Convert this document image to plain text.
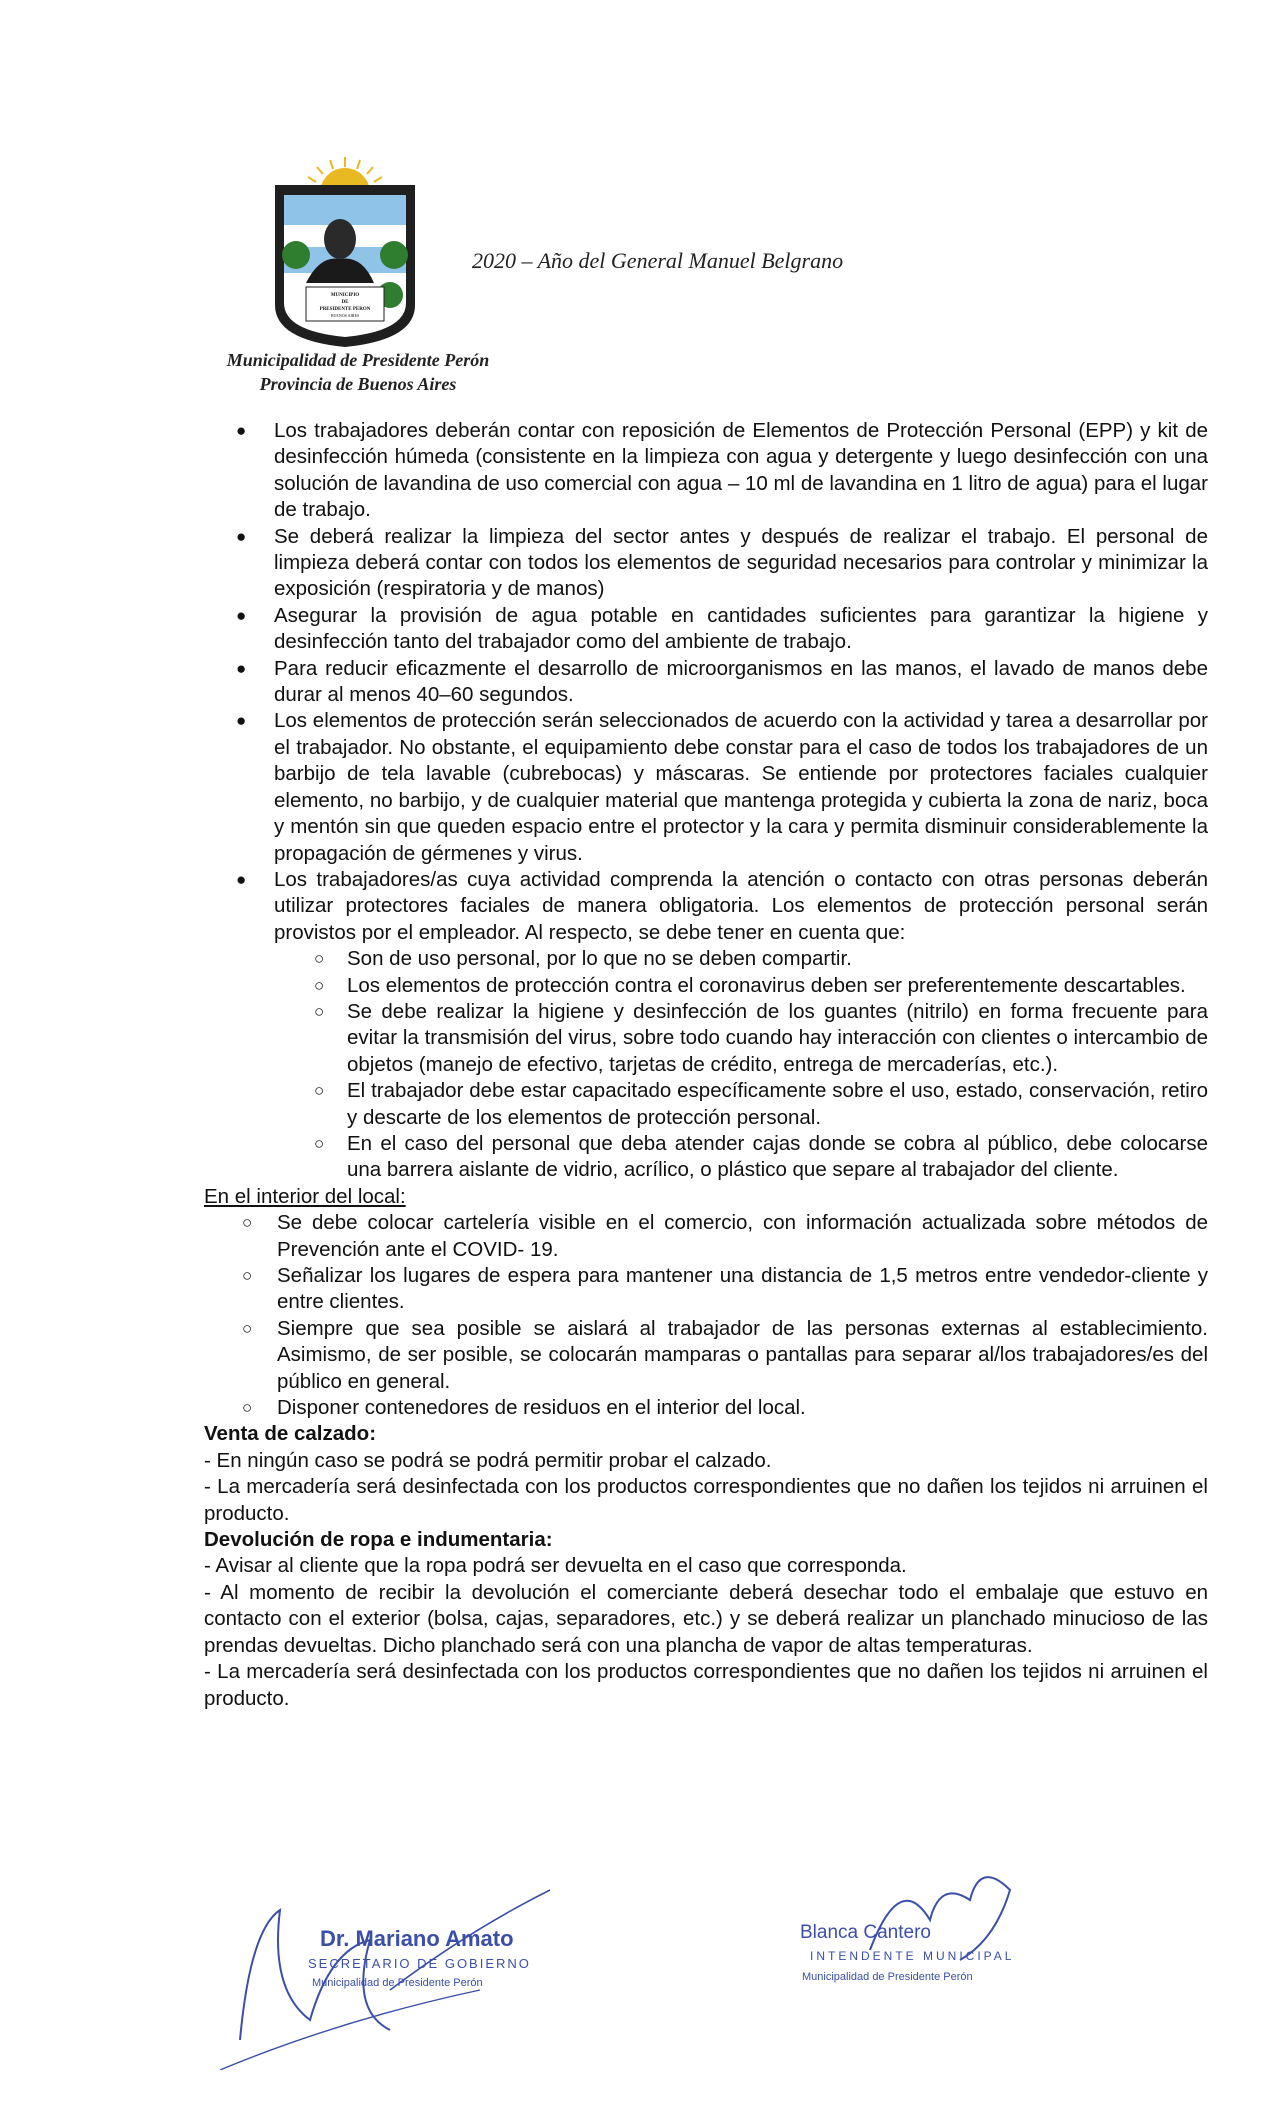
MUNICIPIO
DE
PRESIDENTE PERON
BUENOS AIRES
2020 – Año del General Manuel Belgrano
Municipalidad de Presidente Perón
Provincia de Buenos Aires
● Los trabajadores deberán contar con reposición de Elementos de Protección Personal (EPP) y kit de desinfección húmeda (consistente en la limpieza con agua y detergente y luego desinfección con una solución de lavandina de uso comercial con agua – 10 ml de lavandina en 1 litro de agua) para el lugar de trabajo.
● Se deberá realizar la limpieza del sector antes y después de realizar el trabajo. El personal de limpieza deberá contar con todos los elementos de seguridad necesarios para controlar y minimizar la exposición (respiratoria y de manos)
● Asegurar la provisión de agua potable en cantidades suficientes para garantizar la higiene y desinfección tanto del trabajador como del ambiente de trabajo.
● Para reducir eficazmente el desarrollo de microorganismos en las manos, el lavado de manos debe durar al menos 40–60 segundos.
● Los elementos de protección serán seleccionados de acuerdo con la actividad y tarea a desarrollar por el trabajador. No obstante, el equipamiento debe constar para el caso de todos los trabajadores de un barbijo de tela lavable (cubrebocas) y máscaras. Se entiende por protectores faciales cualquier elemento, no barbijo, y de cualquier material que mantenga protegida y cubierta la zona de nariz, boca y mentón sin que queden espacio entre el protector y la cara y permita disminuir considerablemente la propagación de gérmenes y virus.
● Los trabajadores/as cuya actividad comprenda la atención o contacto con otras personas deberán utilizar protectores faciales de manera obligatoria. Los elementos de protección personal serán provistos por el empleador. Al respecto, se debe tener en cuenta que:
○ Son de uso personal, por lo que no se deben compartir.
○ Los elementos de protección contra el coronavirus deben ser preferentemente descartables.
○ Se debe realizar la higiene y desinfección de los guantes (nitrilo) en forma frecuente para evitar la transmisión del virus, sobre todo cuando hay interacción con clientes o intercambio de objetos (manejo de efectivo, tarjetas de crédito, entrega de mercaderías, etc.).
○ El trabajador debe estar capacitado específicamente sobre el uso, estado, conservación, retiro y descarte de los elementos de protección personal.
○ En el caso del personal que deba atender cajas donde se cobra al público, debe colocarse una barrera aislante de vidrio, acrílico, o plástico que separe al trabajador del cliente.

En el interior del local:

○ Se debe colocar cartelería visible en el comercio, con información actualizada sobre métodos de Prevención ante el COVID- 19.
○ Señalizar los lugares de espera para mantener una distancia de 1,5 metros entre vendedor-cliente y entre clientes.
○ Siempre que sea posible se aislará al trabajador de las personas externas al establecimiento. Asimismo, de ser posible, se colocarán mamparas o pantallas para separar al/los trabajadores/es del público en general.
○ Disponer contenedores de residuos en el interior del local.

Venta de calzado:

- En ningún caso se podrá se podrá permitir probar el calzado.

- La mercadería será desinfectada con los productos correspondientes que no dañen los tejidos ni arruinen el producto.

Devolución de ropa e indumentaria:

- Avisar al cliente que la ropa podrá ser devuelta en el caso que corresponda.

- Al momento de recibir la devolución el comerciante deberá desechar todo el embalaje que estuvo en contacto con el exterior (bolsa, cajas, separadores, etc.) y se deberá realizar un planchado minucioso de las prendas devueltas. Dicho planchado será con una plancha de vapor de altas temperaturas.

- La mercadería será desinfectada con los productos correspondientes que no dañen los tejidos ni arruinen el producto.

Dr. Mariano Amato
SECRETARIO DE GOBIERNO
Municipalidad de Presidente Perón
Blanca Cantero
INTENDENTE MUNICIPAL
Municipalidad de Presidente Perón
